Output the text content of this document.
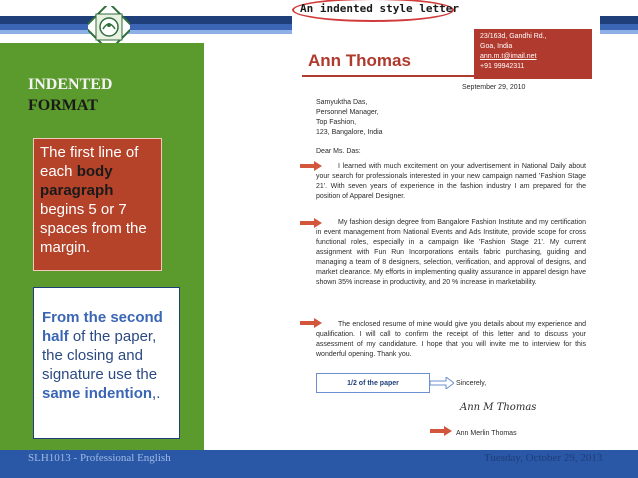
INDENTED
FORMAT
The first line of each body paragraph begins 5 or 7 spaces from the margin.
From the second half of the paper, the closing and signature use the same indention,.
An indented style letter
Ann Thomas
23/163d, Gandhi Rd.,
Goa, India
ann.m.t@imail.net
+91 99942311
September 29, 2010
Samyuktha Das,
Personnel Manager,
Top Fashion,
123, Bangalore, India
Dear Ms. Das:
I learned with much excitement on your advertisement in National Daily about your search for professionals interested in your new campaign named 'Fashion Stage 21'. With seven years of experience in the fashion industry I am prepared for the position of Apparel Designer.
My fashion design degree from Bangalore Fashion Institute and my certification in event management from National Events and Ads Institute, provide scope for cross functional roles, especially in a campaign like 'Fashion Stage 21'. My current assignment with Fun Run Incorporations entails fabric purchasing, guiding and managing a team of 8 designers, selection, verification, and approval of designs, and market clearance. My efforts in implementing quality assurance in apparel design have shown 35% increase in productivity, and 20 % increase in marketability.
The enclosed resume of mine would give you details about my experience and qualification. I will call to confirm the receipt of this letter and to discuss your assessment of my candidature. I hope that you will invite me to interview for this wonderful opening. Thank you.
1/2 of the paper	Sincerely,
Ann M Thomas
Ann Merlin Thomas
SLH1013 - Professional English	Tuesday, October 29, 2013
